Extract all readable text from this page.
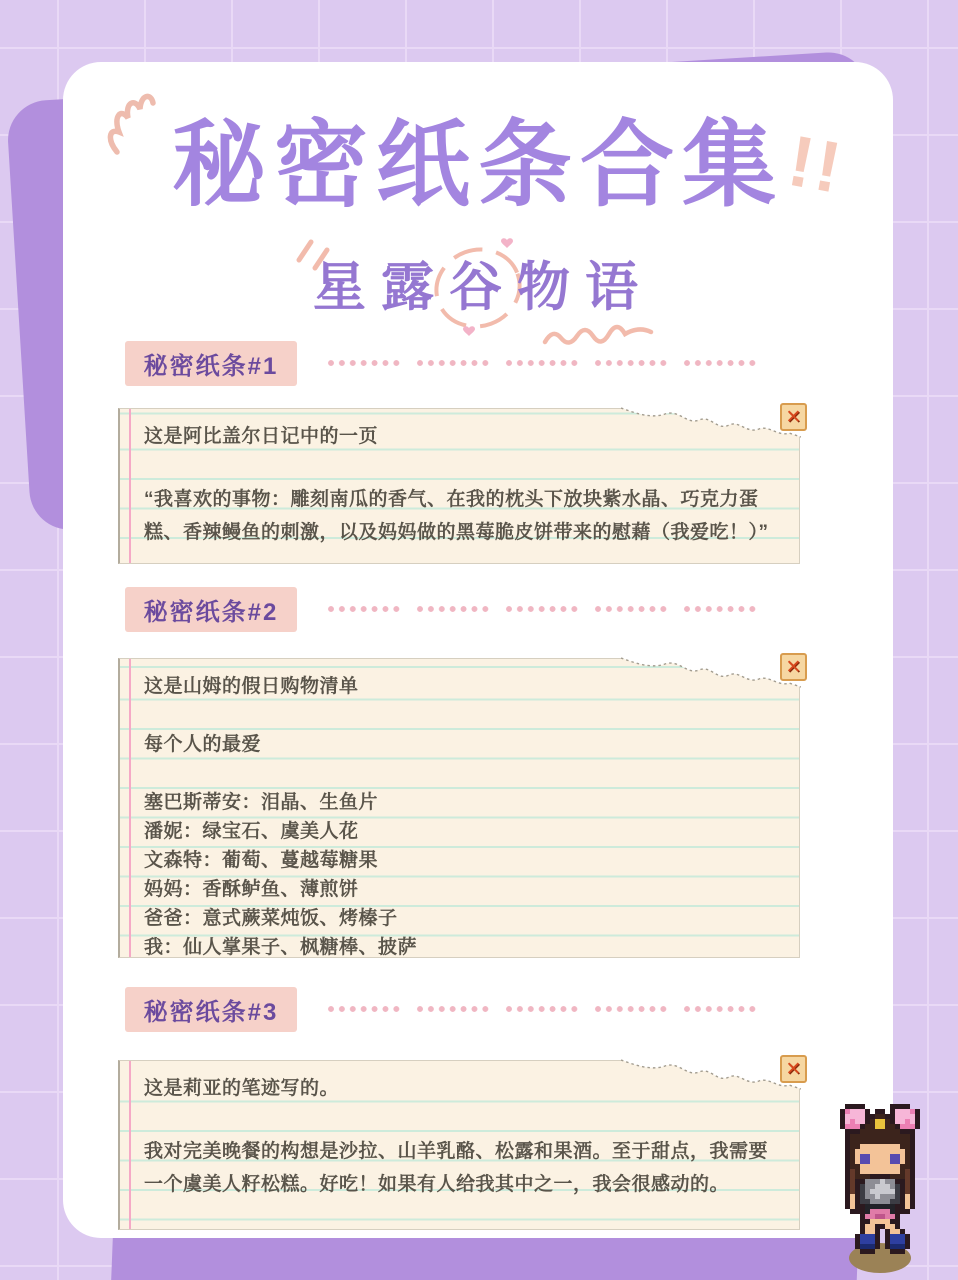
秘密纸条合集
!!
星露谷物语
秘密纸条#1
这是阿比盖尔日记中的一页
“我喜欢的事物：雕刻南瓜的香气、在我的枕头下放块紫水晶、巧克力蛋糕、香辣鳗鱼的刺激，以及妈妈做的黑莓脆皮饼带来的慰藉（我爱吃！）”
✕
秘密纸条#2
这是山姆的假日购物清单
每个人的最爱
塞巴斯蒂安：泪晶、生鱼片
潘妮：绿宝石、虞美人花
文森特：葡萄、蔓越莓糖果
妈妈：香酥鲈鱼、薄煎饼
爸爸：意式蕨菜炖饭、烤榛子
我：仙人掌果子、枫糖棒、披萨
✕
秘密纸条#3
这是莉亚的笔迹写的。
我对完美晚餐的构想是沙拉、山羊乳酪、松露和果酒。至于甜点，我需要一个虞美人籽松糕。好吃！如果有人给我其中之一，我会很感动的。
✕
